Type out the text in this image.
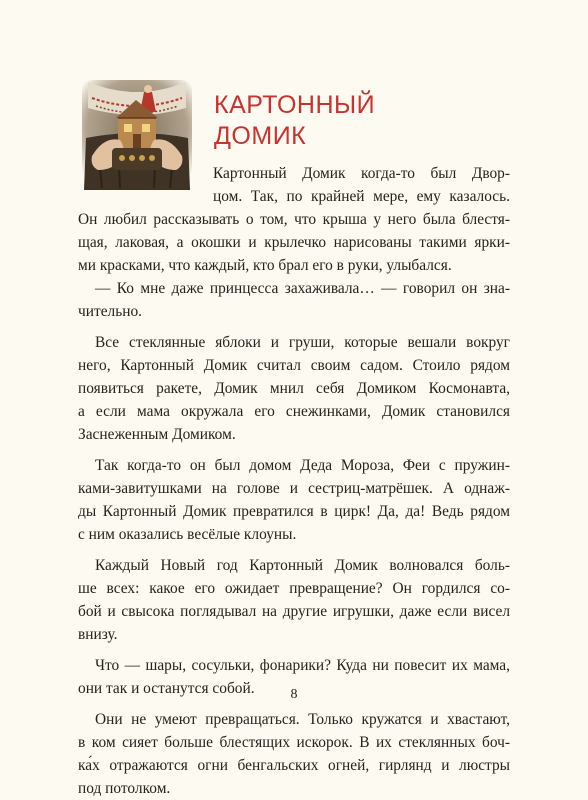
КАРТОННЫЙ
ДОМИК
Картонный Домик когда-то был Двор-
цом. Так, по крайней мере, ему казалось.
Он любил рассказывать о том, что крыша у него была блестя-
щая, лаковая, а окошки и крылечко нарисованы такими ярки-
ми красками, что каждый, кто брал его в руки, улыбался.
— Ко мне даже принцесса захаживала… — говорил он зна-
чительно.
Все стеклянные яблоки и груши, которые вешали вокруг
него, Картонный Домик считал своим садом. Стоило рядом
появиться ракете, Домик мнил себя Домиком Космонавта,
а если мама окружала его снежинками, Домик становился
Заснеженным Домиком.
Так когда-то он был домом Деда Мороза, Феи с пружин-
ками-завитушками на голове и сестриц-матрёшек. А однаж-
ды Картонный Домик превратился в цирк! Да, да! Ведь рядом
с ним оказались весёлые клоуны.
Каждый Новый год Картонный Домик волновался боль-
ше всех: какое его ожидает превращение? Он гордился со-
бой и свысока поглядывал на другие игрушки, даже если висел
внизу.
Что — шары, сосульки, фонарики? Куда ни повесит их мама,
они так и останутся собой.
Они не умеют превращаться. Только кружатся и хвастают,
в ком сияет больше блестящих искорок. В их стеклянных боч-
ка́х отражаются огни бенгальских огней, гирлянд и люстры
под потолком.
8
